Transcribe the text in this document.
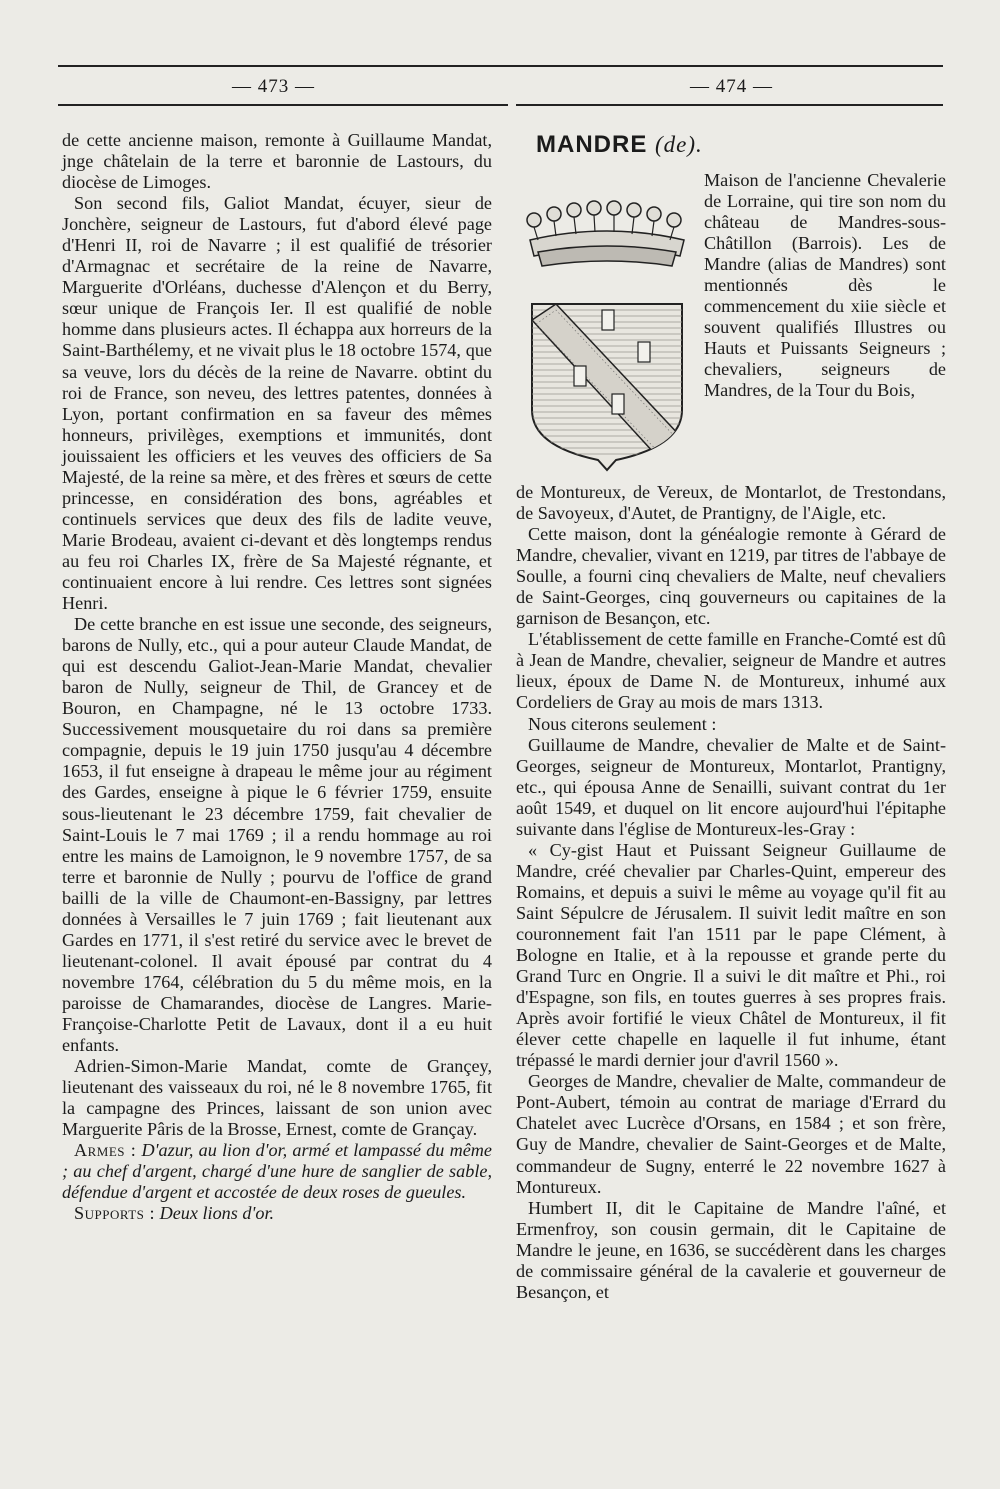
— 473 —	— 474 —

de cette ancienne maison, remonte à Guillaume Mandat, jnge châtelain de la terre et baronnie de Lastours, du diocèse de Limoges.

Son second fils, Galiot Mandat, écuyer, sieur de Jonchère, seigneur de Lastours, fut d'abord élevé page d'Henri II, roi de Navarre ; il est qualifié de trésorier d'Armagnac et secrétaire de la reine de Navarre, Marguerite d'Orléans, duchesse d'Alençon et du Berry, sœur unique de François Ier. Il est qualifié de noble homme dans plusieurs actes. Il échappa aux horreurs de la Saint-Barthélemy, et ne vivait plus le 18 octobre 1574, que sa veuve, lors du décès de la reine de Navarre. obtint du roi de France, son neveu, des lettres patentes, données à Lyon, portant confirmation en sa faveur des mêmes honneurs, privilèges, exemptions et immunités, dont jouissaient les officiers et les veuves des officiers de Sa Majesté, de la reine sa mère, et des frères et sœurs de cette princesse, en considération des bons, agréables et continuels services que deux des fils de ladite veuve, Marie Brodeau, avaient ci-devant et dès longtemps rendus au feu roi Charles IX, frère de Sa Majesté régnante, et continuaient encore à lui rendre. Ces lettres sont signées Henri.

De cette branche en est issue une seconde, des seigneurs, barons de Nully, etc., qui a pour auteur Claude Mandat, de qui est descendu Galiot-Jean-Marie Mandat, chevalier baron de Nully, seigneur de Thil, de Grancey et de Bouron, en Champagne, né le 13 octobre 1733. Successivement mousquetaire du roi dans sa première compagnie, depuis le 19 juin 1750 jusqu'au 4 décembre 1653, il fut enseigne à drapeau le même jour au régiment des Gardes, enseigne à pique le 6 février 1759, ensuite sous-lieutenant le 23 décembre 1759, fait chevalier de Saint-Louis le 7 mai 1769 ; il a rendu hommage au roi entre les mains de Lamoignon, le 9 novembre 1757, de sa terre et baronnie de Nully ; pourvu de l'office de grand bailli de la ville de Chaumont-en-Bassigny, par lettres données à Versailles le 7 juin 1769 ; fait lieutenant aux Gardes en 1771, il s'est retiré du service avec le brevet de lieutenant-colonel. Il avait épousé par contrat du 4 novembre 1764, célébration du 5 du même mois, en la paroisse de Chamarandes, diocèse de Langres. Marie-Françoise-Charlotte Petit de Lavaux, dont il a eu huit enfants.

Adrien-Simon-Marie Mandat, comte de Grançey, lieutenant des vaisseaux du roi, né le 8 novembre 1765, fit la campagne des Princes, laissant de son union avec Marguerite Pâris de la Brosse, Ernest, comte de Grançay.

Armes : D'azur, au lion d'or, armé et lampassé du même ; au chef d'argent, chargé d'une hure de sanglier de sable, défendue d'argent et accostée de deux roses de gueules.

Supports : Deux lions d'or.

MANDRE (de).
Maison de l'ancienne Chevalerie de Lorraine, qui tire son nom du château de Mandres-sous-Châtillon (Barrois). Les de Mandre (alias de Mandres) sont mentionnés dès le commencement du xiie siècle et souvent qualifiés Illustres ou Hauts et Puissants Seigneurs ; chevaliers, seigneurs de Mandres, de la Tour du Bois,

de Montureux, de Vereux, de Montarlot, de Trestondans, de Savoyeux, d'Autet, de Prantigny, de l'Aigle, etc.

Cette maison, dont la généalogie remonte à Gérard de Mandre, chevalier, vivant en 1219, par titres de l'abbaye de Soulle, a fourni cinq chevaliers de Malte, neuf chevaliers de Saint-Georges, cinq gouverneurs ou capitaines de la garnison de Besançon, etc.

L'établissement de cette famille en Franche-Comté est dû à Jean de Mandre, chevalier, seigneur de Mandre et autres lieux, époux de Dame N. de Montureux, inhumé aux Cordeliers de Gray au mois de mars 1313.

Nous citerons seulement :

Guillaume de Mandre, chevalier de Malte et de Saint-Georges, seigneur de Montureux, Montarlot, Prantigny, etc., qui épousa Anne de Senailli, suivant contrat du 1er août 1549, et duquel on lit encore aujourd'hui l'épitaphe suivante dans l'église de Montureux-les-Gray :

« Cy-gist Haut et Puissant Seigneur Guillaume de Mandre, créé chevalier par Charles-Quint, empereur des Romains, et depuis a suivi le même au voyage qu'il fit au Saint Sépulcre de Jérusalem. Il suivit ledit maître en son couronnement fait l'an 1511 par le pape Clément, à Bologne en Italie, et à la repousse et grande perte du Grand Turc en Ongrie. Il a suivi le dit maître et Phi., roi d'Espagne, son fils, en toutes guerres à ses propres frais. Après avoir fortifié le vieux Châtel de Montureux, il fit élever cette chapelle en laquelle il fut inhume, étant trépassé le mardi dernier jour d'avril 1560 ».

Georges de Mandre, chevalier de Malte, commandeur de Pont-Aubert, témoin au contrat de mariage d'Errard du Chatelet avec Lucrèce d'Orsans, en 1584 ; et son frère, Guy de Mandre, chevalier de Saint-Georges et de Malte, commandeur de Sugny, enterré le 22 novembre 1627 à Montureux.

Humbert II, dit le Capitaine de Mandre l'aîné, et Ermenfroy, son cousin germain, dit le Capitaine de Mandre le jeune, en 1636, se succédèrent dans les charges de commissaire général de la cavalerie et gouverneur de Besançon, et
